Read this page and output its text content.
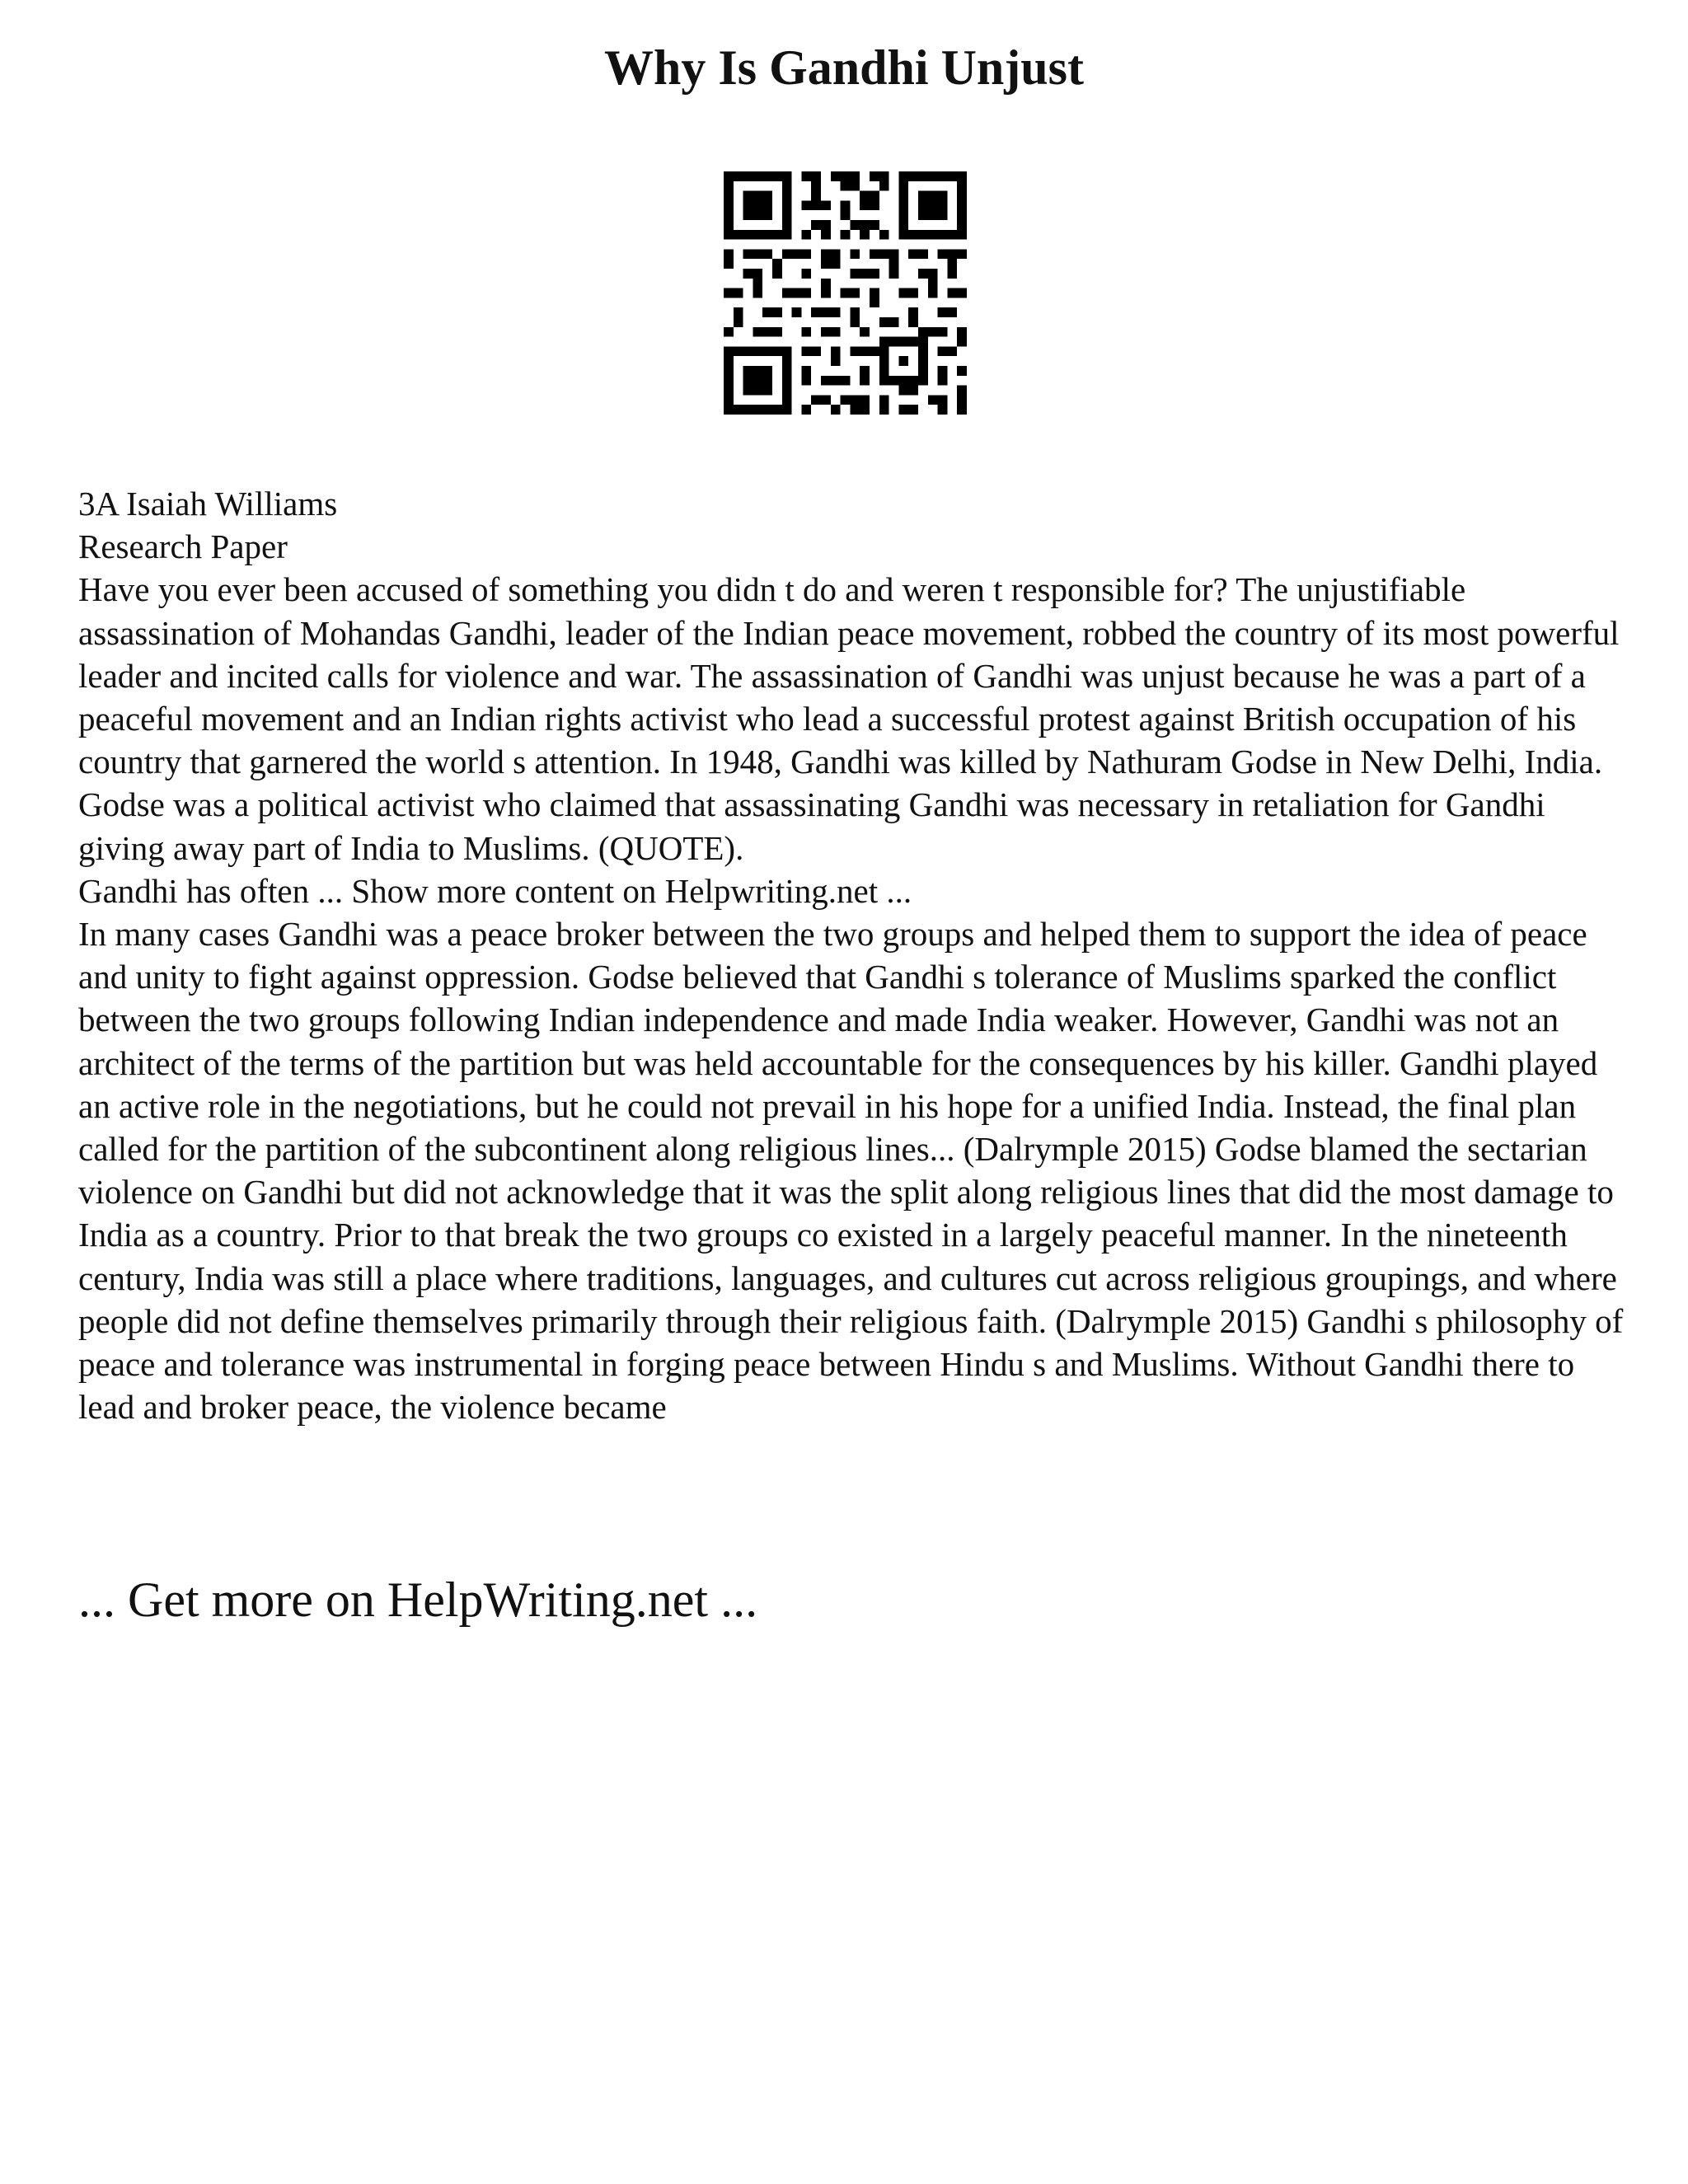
Why Is Gandhi Unjust

3A Isaiah Williams

Research Paper

Have you ever been accused of something you didn t do and weren t responsible for? The unjustifiable assassination of Mohandas Gandhi, leader of the Indian peace movement, robbed the country of its most powerful leader and incited calls for violence and war. The assassination of Gandhi was unjust because he was a part of a peaceful movement and an Indian rights activist who lead a successful protest against British occupation of his country that garnered the world s attention. In 1948, Gandhi was killed by Nathuram Godse in New Delhi, India. Godse was a political activist who claimed that assassinating Gandhi was necessary in retaliation for Gandhi giving away part of India to Muslims. (QUOTE).

Gandhi has often ... Show more content on Helpwriting.net ...

In many cases Gandhi was a peace broker between the two groups and helped them to support the idea of peace and unity to fight against oppression. Godse believed that Gandhi s tolerance of Muslims sparked the conflict between the two groups following Indian independence and made India weaker. However, Gandhi was not an architect of the terms of the partition but was held accountable for the consequences by his killer. Gandhi played an active role in the negotiations, but he could not prevail in his hope for a unified India. Instead, the final plan called for the partition of the subcontinent along religious lines... (Dalrymple 2015) Godse blamed the sectarian violence on Gandhi but did not acknowledge that it was the split along religious lines that did the most damage to India as a country. Prior to that break the two groups co existed in a largely peaceful manner. In the nineteenth century, India was still a place where traditions, languages, and cultures cut across religious groupings, and where people did not define themselves primarily through their religious faith. (Dalrymple 2015) Gandhi s philosophy of peace and tolerance was instrumental in forging peace between Hindu s and Muslims. Without Gandhi there to lead and broker peace, the violence became

... Get more on HelpWriting.net ...
